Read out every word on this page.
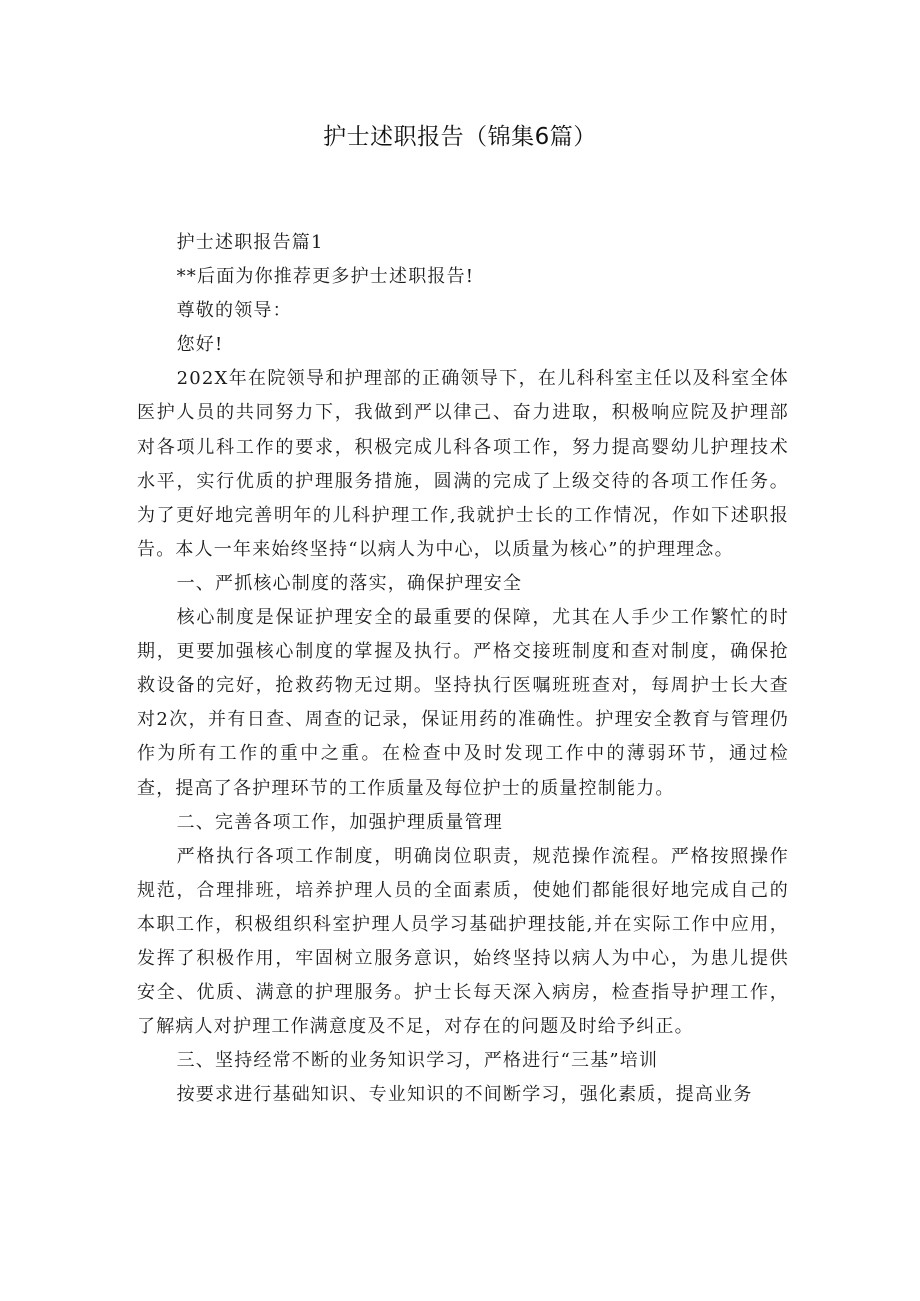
护士述职报告（锦集6篇）

护士述职报告篇1

**后面为你推荐更多护士述职报告!

尊敬的领导：

您好!

202X年在院领导和护理部的正确领导下，在儿科科室主任以及科室全体医护人员的共同努力下，我做到严以律己、奋力进取，积极响应院及护理部对各项儿科工作的要求，积极完成儿科各项工作，努力提高婴幼儿护理技术水平，实行优质的护理服务措施，圆满的完成了上级交待的各项工作任务。为了更好地完善明年的儿科护理工作,我就护士长的工作情况，作如下述职报告。本人一年来始终坚持“以病人为中心，以质量为核心”的护理理念。

一、严抓核心制度的落实，确保护理安全

核心制度是保证护理安全的最重要的保障，尤其在人手少工作繁忙的时期，更要加强核心制度的掌握及执行。严格交接班制度和查对制度，确保抢救设备的完好，抢救药物无过期。坚持执行医嘱班班查对，每周护士长大查对2次，并有日查、周查的记录，保证用药的准确性。护理安全教育与管理仍作为所有工作的重中之重。在检查中及时发现工作中的薄弱环节，通过检查，提高了各护理环节的工作质量及每位护士的质量控制能力。

二、完善各项工作，加强护理质量管理

严格执行各项工作制度，明确岗位职责，规范操作流程。严格按照操作规范，合理排班，培养护理人员的全面素质，使她们都能很好地完成自己的本职工作，积极组织科室护理人员学习基础护理技能,并在实际工作中应用，发挥了积极作用，牢固树立服务意识，始终坚持以病人为中心，为患儿提供安全、优质、满意的护理服务。护士长每天深入病房，检查指导护理工作，了解病人对护理工作满意度及不足，对存在的问题及时给予纠正。

三、坚持经常不断的业务知识学习，严格进行“三基”培训

按要求进行基础知识、专业知识的不间断学习，强化素质，提高业务
